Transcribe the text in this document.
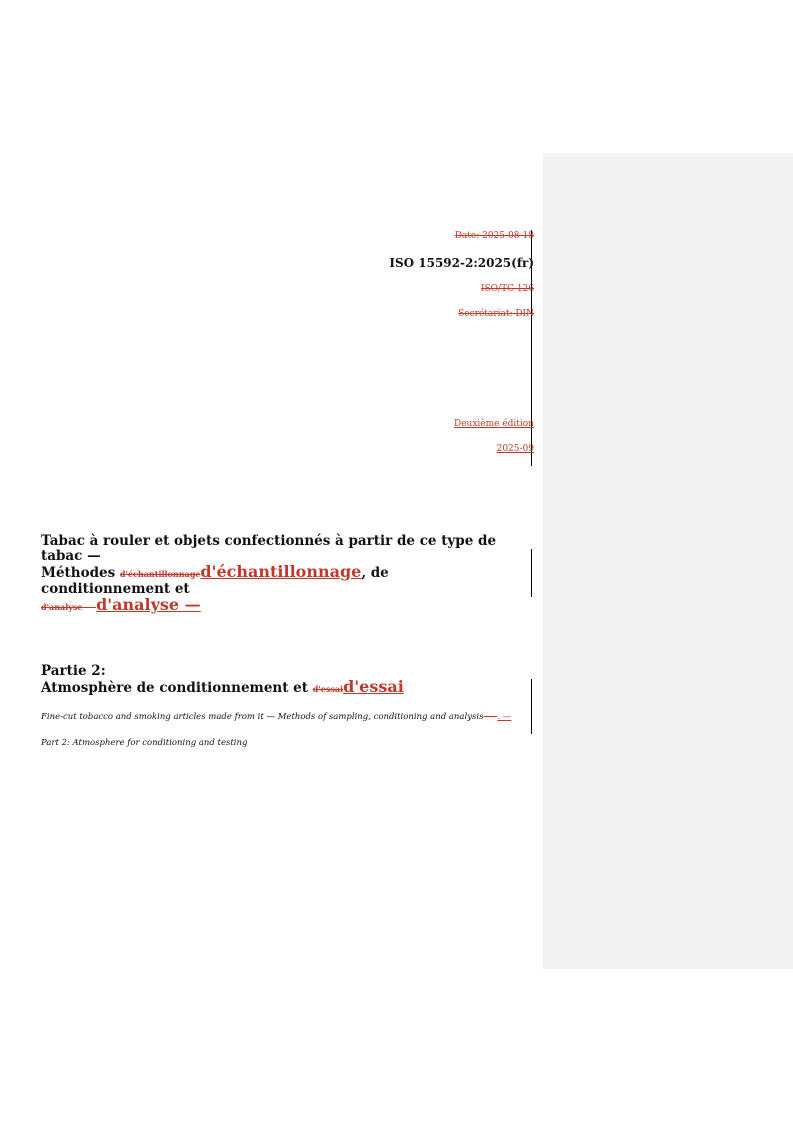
Date: 2025-08-18
ISO 15592-2:2025(fr)
ISO/TC 126
Secrétariat: DIN
Deuxième édition
2025-09
Tabac à rouler et objets confectionnés à partir de ce type de tabac —
Méthodes d'échantillonnaged'échantillonnage, de conditionnement et
d'analyse — d'analyse —
Partie 2:
Atmosphère de conditionnement et d'essaid'essai
Fine-cut tobacco and smoking articles made from it — Methods of sampling, conditioning and analysis — . —
Part 2: Atmosphere for conditioning and testing
